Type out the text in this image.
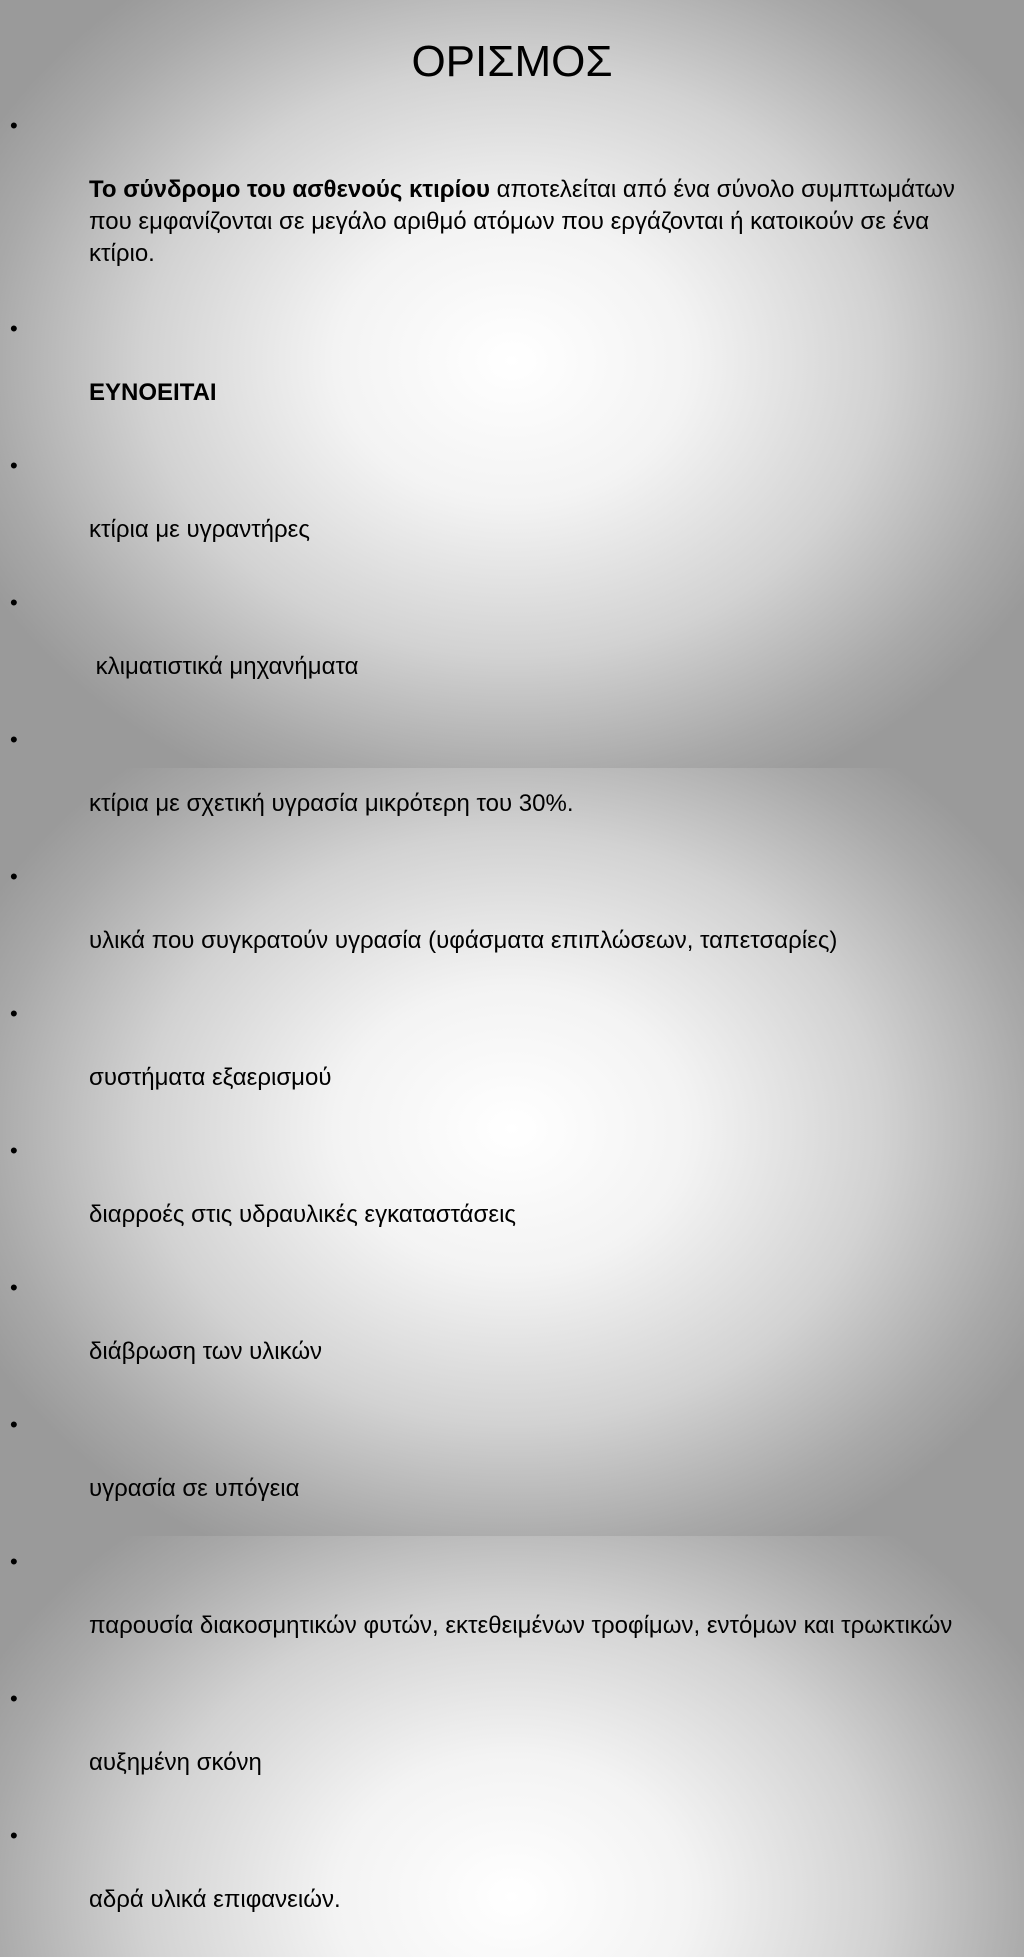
ΟΡΙΣΜΟΣ

•

Το σύνδρομο του ασθενούς κτιρίου αποτελείται από ένα σύνολο συμπτωμάτων που εμφανίζονται σε μεγάλο αριθμό ατόμων που εργάζονται ή κατοικούν σε ένα κτίριο.

•

ΕΥΝΟΕΙΤΑΙ

•

κτίρια με υγραντήρες

•

κλιματιστικά μηχανήματα

•

κτίρια με σχετική υγρασία μικρότερη του 30%.

•

υλικά που συγκρατούν υγρασία (υφάσματα επιπλώσεων, ταπετσαρίες)

•

συστήματα εξαερισμού

•

διαρροές στις υδραυλικές εγκαταστάσεις

•

διάβρωση των υλικών

•

υγρασία σε υπόγεια

•

παρουσία διακοσμητικών φυτών, εκτεθειμένων τροφίμων, εντόμων και τρωκτικών

•

αυξημένη σκόνη

•

αδρά υλικά επιφανειών.
